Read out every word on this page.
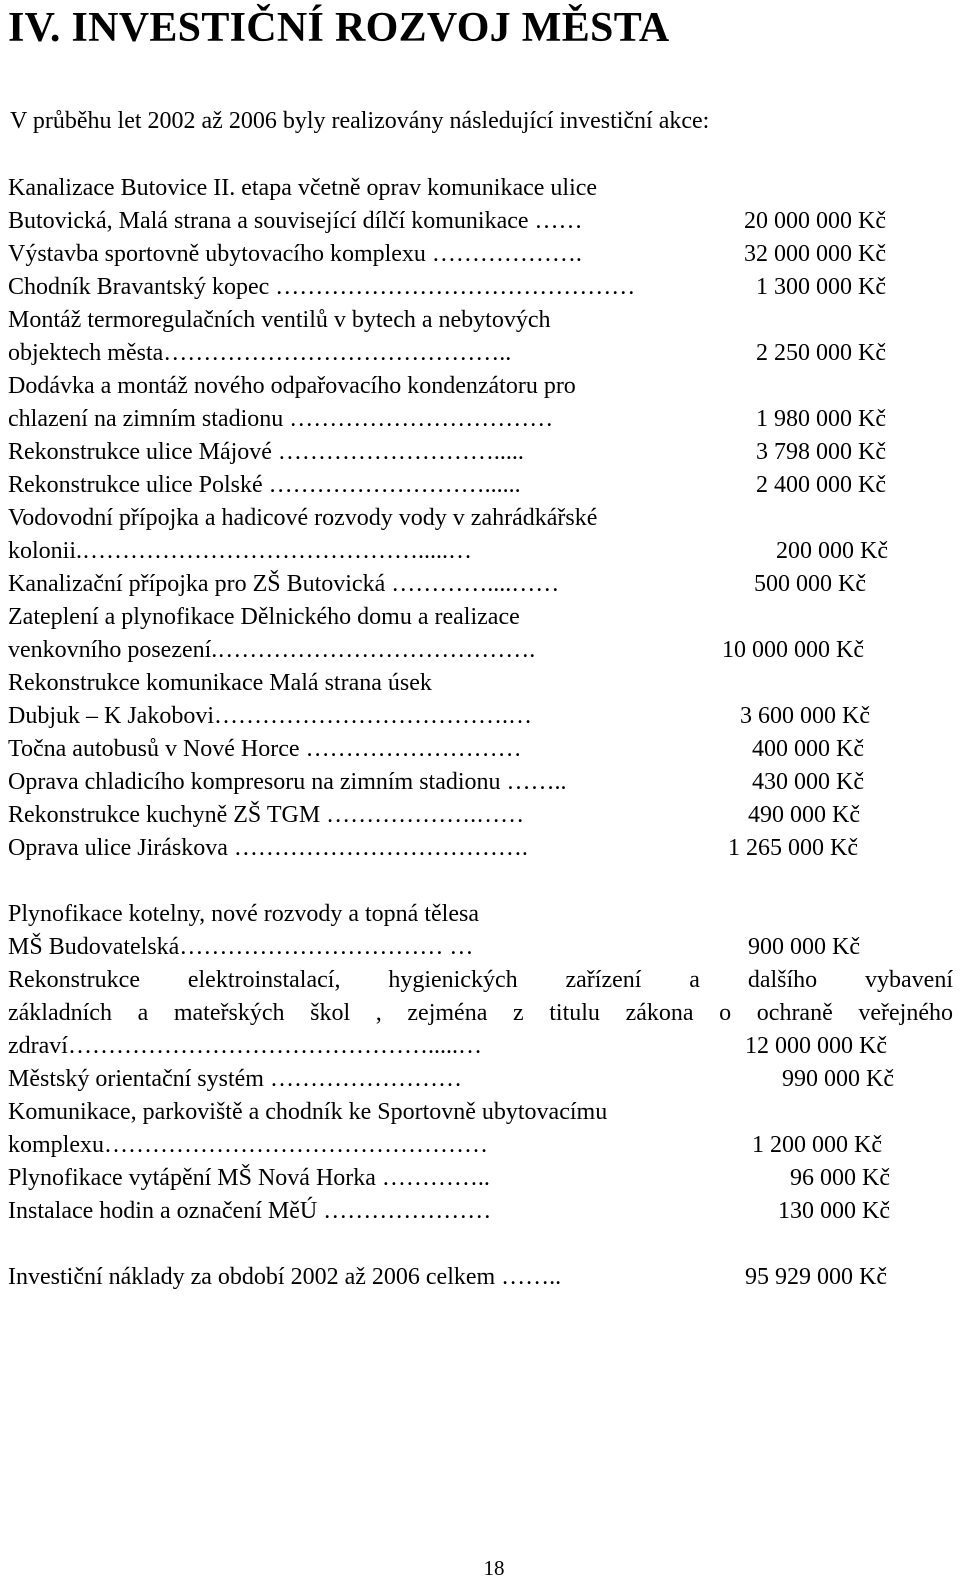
IV. INVESTIČNÍ ROZVOJ MĚSTA
V průběhu let 2002 až 2006 byly realizovány následující investiční akce:
Kanalizace Butovice II. etapa včetně oprav komunikace ulice
Butovická, Malá strana a související dílčí komunikace ……	20 000 000 Kč
Výstavba sportovně ubytovacího komplexu ……………….	32 000 000 Kč
Chodník Bravantský kopec ………………………………………	1 300 000 Kč
Montáž termoregulačních ventilů v bytech a nebytových
objektech města……………………………………..	2 250 000 Kč
Dodávka a montáž nového odpařovacího kondenzátoru pro
chlazení na zimním stadionu ……………………………	1 980 000 Kč
Rekonstrukce ulice Májové ……………………….....	3 798 000 Kč
Rekonstrukce ulice Polské ………………………......	2 400 000 Kč
Vodovodní přípojka a hadicové rozvody vody v zahrádkářské
kolonii.…………………………………….....…	200 000 Kč
Kanalizační přípojka pro ZŠ Butovická …………....……	500 000 Kč
Zateplení a plynofikace Dělnického domu a realizace
venkovního posezení.………………………………….	10 000 000 Kč
Rekonstrukce komunikace Malá strana úsek
Dubjuk – K Jakobovi……………………………….…	3 600 000 Kč
Točna autobusů v Nové Horce ………………………	400 000 Kč
Oprava chladicího kompresoru na zimním stadionu ……..	430 000 Kč
Rekonstrukce kuchyně ZŠ TGM ……………….……	490 000 Kč
Oprava ulice Jiráskova ……………………………….	1 265 000 Kč
Plynofikace kotelny, nové rozvody a topná tělesa
MŠ Budovatelská…………………………… …	900 000 Kč
Rekonstrukce elektroinstalací, hygienických zařízení a dalšího vybavení
základních a mateřských škol , zejména z titulu zákona o ochraně veřejného
zdraví……………………………………….....…	12 000 000 Kč
Městský orientační systém ……………………	990 000 Kč
Komunikace, parkoviště a chodník ke Sportovně ubytovacímu
komplexu…………………………………………	1 200 000 Kč
Plynofikace vytápění MŠ Nová Horka …………..	96 000 Kč
Instalace hodin a označení MěÚ …………………	130 000 Kč
Investiční náklady za období 2002 až 2006 celkem ……..	95 929 000 Kč
18
